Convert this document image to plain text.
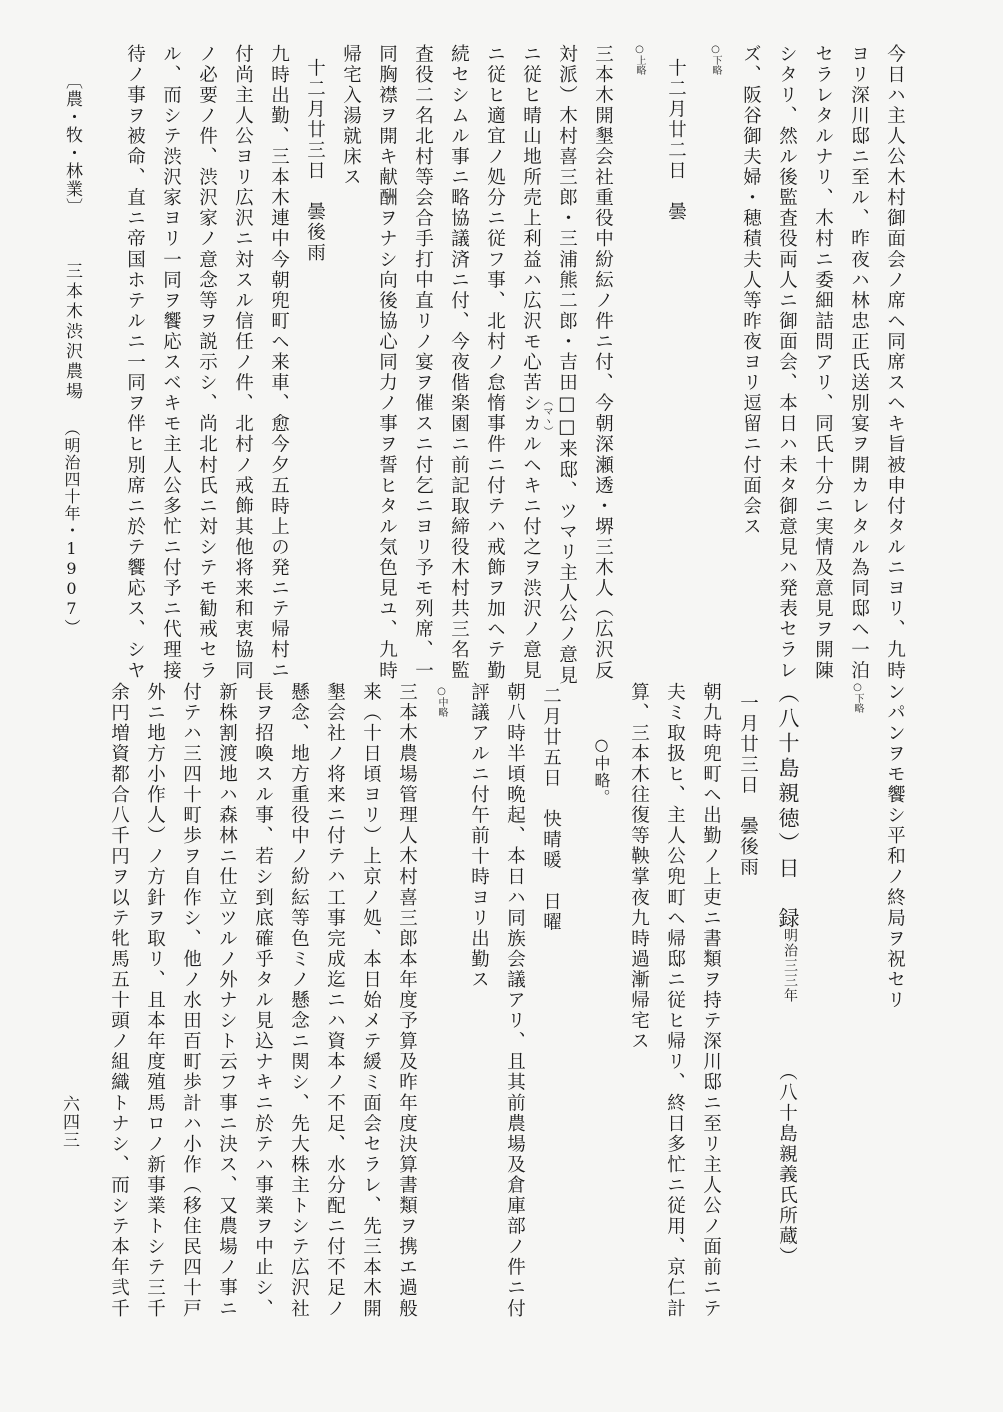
今日ハ主人公木村御面会ノ席ヘ同席スヘキ旨被申付タルニヨリ、九時
ヨリ深川邸ニ至ル、昨夜ハ林忠正氏送別宴ヲ開カレタル為同邸ヘ一泊
セラレタルナリ、木村ニ委細詰問アリ、同氏十分ニ実情及意見ヲ開陳
シタリ、然ル後監査役両人ニ御面会、本日ハ未タ御意見ハ発表セラレ
ズ、阪谷御夫婦・穂積夫人等昨夜ヨリ逗留ニ付面会ス
○下略
十二月廿二日　曇
○上略
三本木開墾会社重役中紛紜ノ件ニ付、今朝深瀬透・堺三木人（広沢反
対派）木村喜三郎・三浦熊二郎・吉田□□来邸、ツマリ主人公ノ意見
（マヽ）
ニ従ヒ晴山地所売上利益ハ広沢モ心苦シカルヘキニ付之ヲ渋沢ノ意見
ニ従ヒ適宜ノ処分ニ従フ事、北村ノ怠惰事件ニ付テハ戒飾ヲ加ヘテ勤
続セシムル事ニ略協議済ニ付、今夜偕楽園ニ前記取締役木村共三名監
査役二名北村等会合手打中直リノ宴ヲ催スニ付乞ニヨリ予モ列席、一
同胸襟ヲ開キ献酬ヲナシ向後協心同力ノ事ヲ誓ヒタル気色見ユ、九時
帰宅入湯就床ス
十二月廿三日　曇後雨
九時出勤、三本木連中今朝兜町ヘ来車、愈今夕五時上の発ニテ帰村ニ
付尚主人公ヨリ広沢ニ対スル信任ノ件、北村ノ戒飾其他将来和衷協同
ノ必要ノ件、渋沢家ノ意念等ヲ説示シ、尚北村氏ニ対シテモ勧戒セラ
ル、而シテ渋沢家ヨリ一同ヲ饗応スベキモ主人公多忙ニ付予ニ代理接
待ノ事ヲ被命、直ニ帝国ホテルニ一同ヲ伴ヒ別席ニ於テ饗応ス、シヤ
〔農・牧・林業〕
三本木渋沢農場
（明治四十年・1907）
ンパンヲモ饗シ平和ノ終局ヲ祝セリ
○下略
（八十島親徳）日　録
明治三三年
（八十島親義氏所蔵）
一月廿三日　曇後雨
朝九時兜町ヘ出勤ノ上吏ニ書類ヲ持テ深川邸ニ至リ主人公ノ面前ニテ
夫ミ取扱ヒ、主人公兜町ヘ帰邸ニ従ヒ帰リ、終日多忙ニ従用、京仁計
算、三本木往復等鞅掌夜九時過漸帰宅ス
○中略。
二月廿五日　快晴暖　日曜
朝八時半頃晩起、本日ハ同族会議アリ、且其前農場及倉庫部ノ件ニ付
評議アルニ付午前十時ヨリ出勤ス
○中略
三本木農場管理人木村喜三郎本年度予算及昨年度決算書類ヲ携エ過般
来（十日頃ヨリ）上京ノ処、本日始メテ緩ミ面会セラレ、先三本木開
墾会社ノ将来ニ付テハ工事完成迄ニハ資本ノ不足、水分配ニ付不足ノ
懸念、地方重役中ノ紛紜等色ミノ懸念ニ関シ、先大株主トシテ広沢社
長ヲ招喚スル事、若シ到底確乎タル見込ナキニ於テハ事業ヲ中止シ、
新株割渡地ハ森林ニ仕立ツルノ外ナシト云フ事ニ決ス、又農場ノ事ニ
付テハ三四十町歩ヲ自作シ、他ノ水田百町歩計ハ小作（移住民四十戸
外ニ地方小作人）ノ方針ヲ取リ、且本年度殖馬ロノ新事業トシテ三千
余円増資都合八千円ヲ以テ牝馬五十頭ノ組織トナシ、而シテ本年弐千
六四三
